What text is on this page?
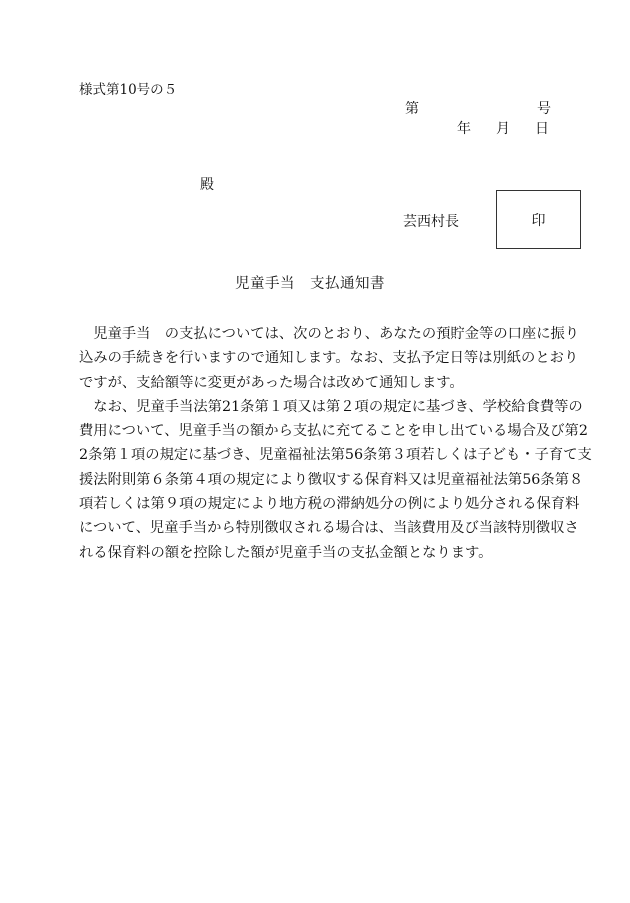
様式第10号の５
第	号
年 月 日
殿
芸西村長	印
児童手当　支払通知書
　児童手当　の支払については、次のとおり、あなたの預貯金等の口座に振り
込みの手続きを行いますので通知します。なお、支払予定日等は別紙のとおり
ですが、支給額等に変更があった場合は改めて通知します。
　なお、児童手当法第21条第１項又は第２項の規定に基づき、学校給食費等の
費用について、児童手当の額から支払に充てることを申し出ている場合及び第2
2条第１項の規定に基づき、児童福祉法第56条第３項若しくは子ども・子育て支
援法附則第６条第４項の規定により徴収する保育料又は児童福祉法第56条第８
項若しくは第９項の規定により地方税の滞納処分の例により処分される保育料
について、児童手当から特別徴収される場合は、当該費用及び当該特別徴収さ
れる保育料の額を控除した額が児童手当の支払金額となります。
